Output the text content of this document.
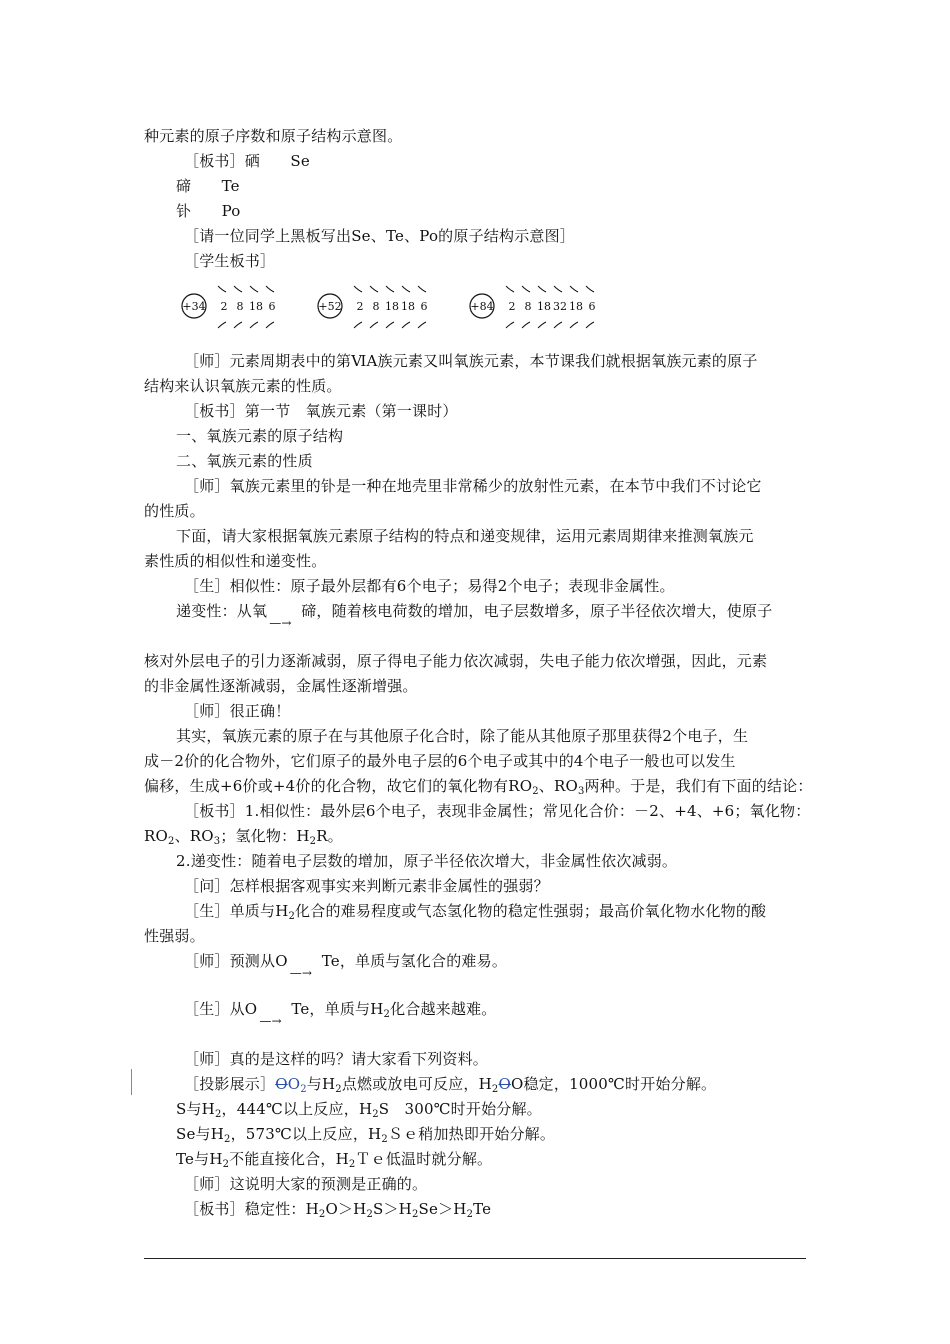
种元素的原子序数和原子结构示意图。
［板书］硒　　Se
碲　　Te
钋　　Po
［请一位同学上黑板写出Se、Te、Po的原子结构示意图］
［学生板书］
+34 2 8 18 6	+52 2 8 18 18 6	+84 2 8 18 32 18 6
［师］元素周期表中的第ⅥA族元素又叫氧族元素，本节课我们就根据氧族元素的原子
结构来认识氧族元素的性质。
［板书］第一节　氧族元素（第一课时）
一、氧族元素的原子结构
二、氧族元素的性质
［师］氧族元素里的钋是一种在地壳里非常稀少的放射性元素，在本节中我们不讨论它
的性质。
下面，请大家根据氧族元素原子结构的特点和递变规律，运用元素周期律来推测氧族元
素性质的相似性和递变性。
［生］相似性：原子最外层都有6个电子；易得2个电子；表现非金属性。
递变性：从氧 —→ 碲，随着核电荷数的增加，电子层数增多，原子半径依次增大，使原子
核对外层电子的引力逐渐减弱，原子得电子能力依次减弱，失电子能力依次增强，因此，元素
的非金属性逐渐减弱，金属性逐渐增强。
［师］很正确！
其实，氧族元素的原子在与其他原子化合时，除了能从其他原子那里获得2个电子，生
成－2价的化合物外，它们原子的最外电子层的6个电子或其中的4个电子一般也可以发生
偏移，生成+6价或+4价的化合物，故它们的氧化物有$RO_2$、$RO_3$两种。于是，我们有下面的结论：
［板书］1.相似性：最外层6个电子，表现非金属性；常见化合价：－2、+4、+6；氧化物：
$RO_2$、$RO_3$；氢化物：$H_2R$。
2.递变性：随着电子层数的增加，原子半径依次增大，非金属性依次减弱。
［问］怎样根据客观事实来判断元素非金属性的强弱？
［生］单质与$H_2$化合的难易程度或气态氢化物的稳定性强弱；最高价氧化物水化物的酸
性强弱。
［师］预测从O —→ Te，单质与氢化合的难易。
［生］从O —→ Te，单质与$H_2$化合越来越难。
［师］真的是这样的吗？请大家看下列资料。
［投影展示$]OO_2$与$H_2$点燃或放电可反应，$H_2OO$稳定，1000℃时开始分解。
S与$H_2$，444℃以上反应，$H_2S$　300℃时开始分解。
Se与$H_2$，573℃以上反应，$H_2Se$稍加热即开始分解。
Te与$H_2$不能直接化合，$H_2Te$低温时就分解。
［师］这说明大家的预测是正确的。
［板书］稳定性：$H_2O>H_2S>H_2Se>H_2Te$
